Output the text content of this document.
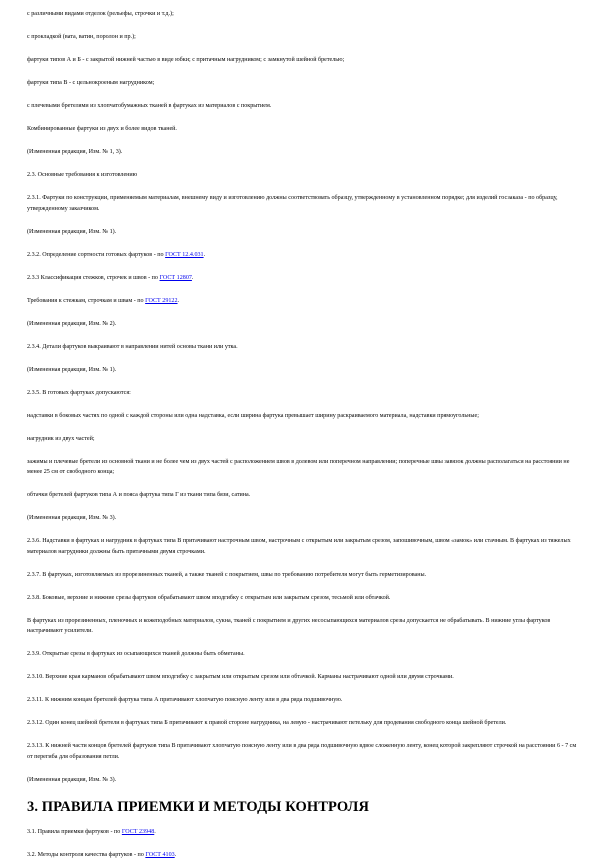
с различными видами отделок (рельефы, строчки и т.д.);

с прокладкой (вата, ватин, поролон и пр.);

фартуки типов А и Б - с закрытой нижней частью в виде юбки; с притачным нагрудником; с замкнутой шейной бретелью;

фартуки типа В - с цельнокроеным нагрудником;

с плечевыми бретелями из хлопчатобумажных тканей в фартуках из материалов с покрытием.

Комбинированные фартуки из двух и более видов тканей.

(Измененная редакция, Изм. № 1, 3).

2.3. Основные требования к изготовлению

2.3.1. Фартуки по конструкции, применяемым материалам, внешнему виду и изготовлению должны соответствовать образцу, утвержденному в установленном порядке; для изделий госзаказа - по образцу, утвержденному заказчиком.

(Измененная редакция, Изм. № 1).

2.3.2. Определение сортности готовых фартуков - по ГОСТ 12.4.031.

2.3.3 Классификация стежков, строчек и швов - по ГОСТ 12807.

Требования к стежкам, строчкам и швам - по ГОСТ 29122.

(Измененная редакция, Изм. № 2).

2.3.4. Детали фартуков выкраивают в направлении нитей основы ткани или утка.

(Измененная редакция, Изм. № 1).

2.3.5. В готовых фартуках допускаются:

надставки в боковых частях по одной с каждой стороны или одна надставка, если ширина фартука превышает ширину раскраиваемого материала, надставки прямоугольные;

нагрудник из двух частей;

зажимы и плечевые бретели из основной ткани и не более чем из двух частей с расположением швов в долевом или поперечном направлении; поперечные швы завязок должны располагаться на расстоянии не менее 25 см от свободного конца;

обтачки бретелей фартуков типа А и пояса фартука типа Г из ткани типа бязи, сатина.

(Измененная редакция, Изм. № 3).

2.3.6. Надставки в фартуках и нагрудник в фартуках типа В притачивают настрочным швом, настрочным с открытым или закрытым срезом, запошивочным, швом «замок» или стачным. В фартуках из тяжелых материалов нагрудники должны быть притачными двумя строчками.

2.3.7. В фартуках, изготовляемых из прорезиненных тканей, а также тканей с покрытием, швы по требованию потребителя могут быть герметизированы.

2.3.8. Боковые, верхние и нижние срезы фартуков обрабатывают швом вподгибку с открытым или закрытым срезом, тесьмой или обтачкой.

В фартуках из прорезиненных, пленочных и кожеподобных материалов, сукна, тканей с покрытием и других несосыпающихся материалов срезы допускается не обрабатывать. В нижние углы фартуков настрачивают усилители.

2.3.9. Открытые срезы в фартуках из осыпающихся тканей должны быть обметаны.

2.3.10. Верхние края карманов обрабатывают швом вподгибку с закрытым или открытым срезом или обтачкой. Карманы настрачивают одной или двумя строчками.

2.3.11. К нижним концам бретелей фартука типа А притачивают хлопчатую поясную ленту или в два ряда подшивочную.

2.3.12. Один конец шейной бретели в фартуках типа Б притачивают к правой стороне нагрудника, на левую - настрачивают петельку для продевания свободного конца шейной бретели.

2.3.13. К нижней части концов бретелей фартуков типа В притачивают хлопчатую поясную ленту или в два ряда подшивочную вдвое сложенную ленту, конец которой закрепляют строчкой на расстоянии 6 - 7 см от перегиба для образования петли.

(Измененная редакция, Изм. № 3).

3. ПРАВИЛА ПРИЕМКИ И МЕТОДЫ КОНТРОЛЯ

3.1. Правила приемки фартуков - по ГОСТ 23948.

3.2. Методы контроля качества фартуков - по ГОСТ 4103.
